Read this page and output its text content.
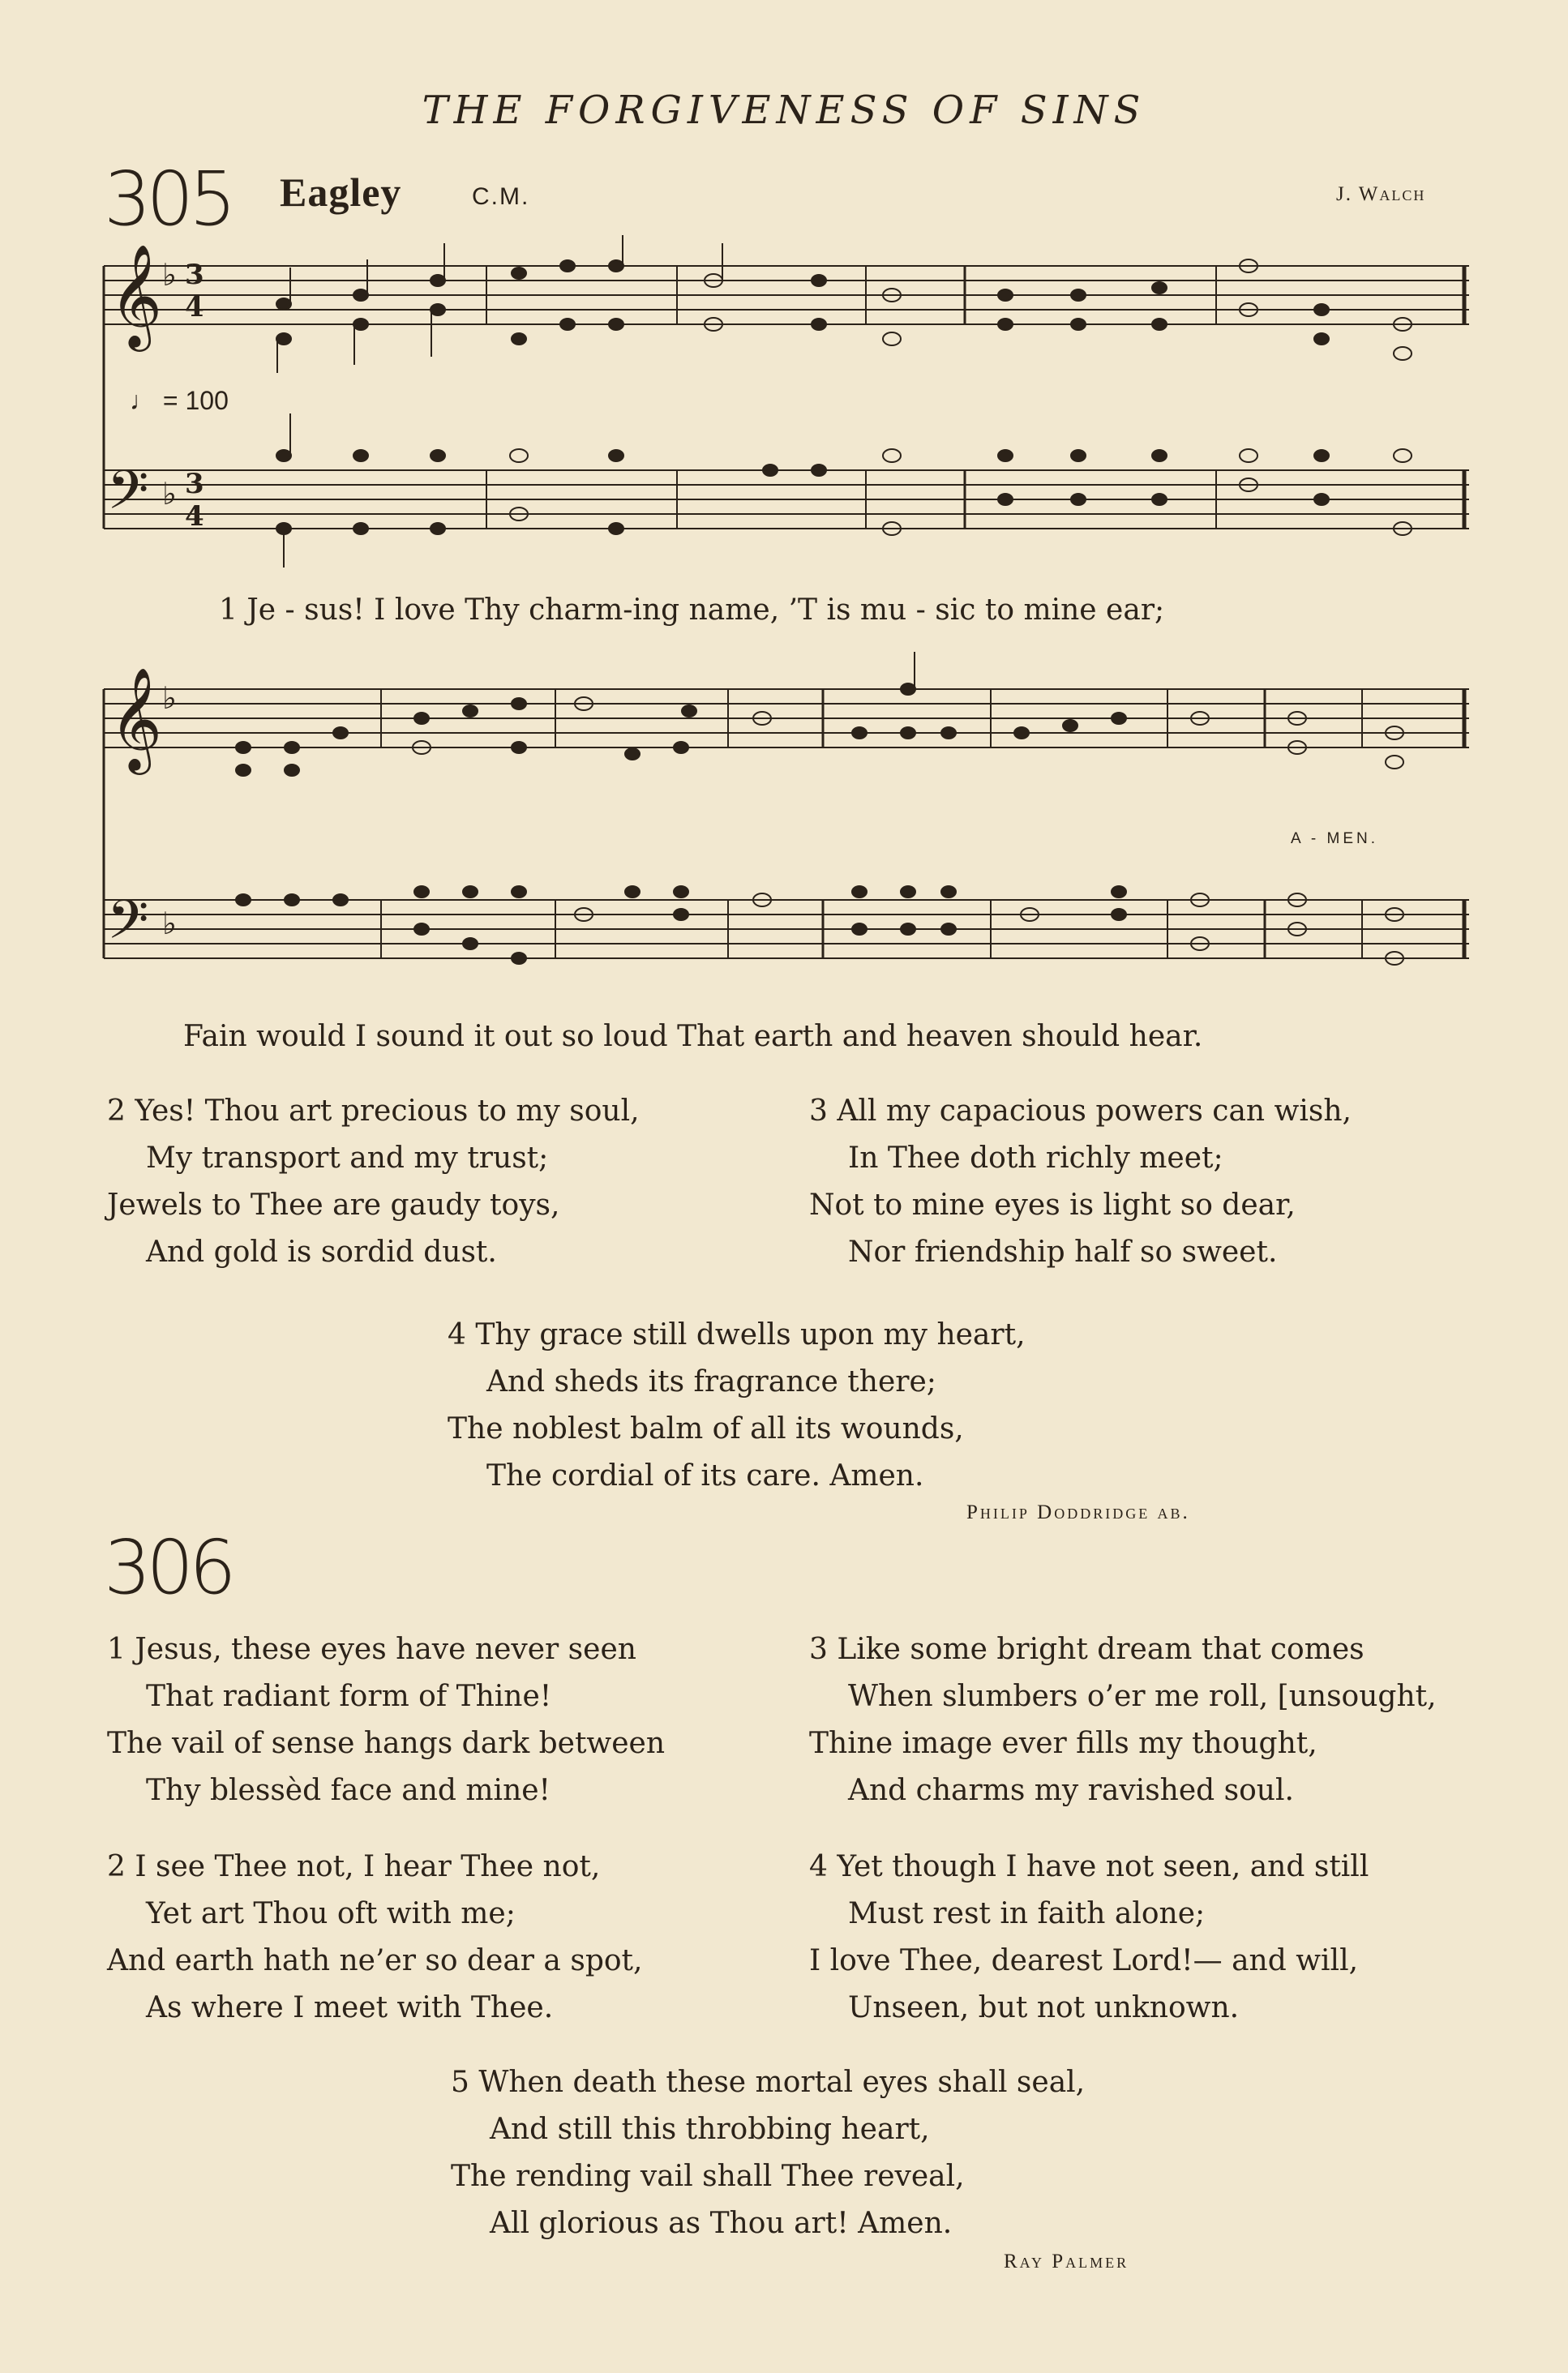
THE FORGIVENESS OF SINS
305 Eagley	C.M.	J. Walch
𝄞
𝄢
♭ 3
4
♭ 3
4
♩ = 100
1 Je - sus! I love Thy charm-ing name, ’T is mu - sic to mine ear;
𝄞
𝄢
♭
♭
A - MEN.
Fain would I sound it out so loud That earth and heaven should hear.
2 Yes! Thou art precious to my soul,
My transport and my trust;
Jewels to Thee are gaudy toys,
And gold is sordid dust.
3 All my capacious powers can wish,
In Thee doth richly meet;
Not to mine eyes is light so dear,
Nor friendship half so sweet.
4 Thy grace still dwells upon my heart,
And sheds its fragrance there;
The noblest balm of all its wounds,
The cordial of its care. Amen.
Philip Doddridge ab.
306
1 Jesus, these eyes have never seen
That radiant form of Thine!
The vail of sense hangs dark between
Thy blessèd face and mine!
2 I see Thee not, I hear Thee not,
Yet art Thou oft with me;
And earth hath ne’er so dear a spot,
As where I meet with Thee.
3 Like some bright dream that comes
When slumbers o’er me roll, [unsought,
Thine image ever fills my thought,
And charms my ravished soul.
4 Yet though I have not seen, and still
Must rest in faith alone;
I love Thee, dearest Lord!— and will,
Unseen, but not unknown.
5 When death these mortal eyes shall seal,
And still this throbbing heart,
The rending vail shall Thee reveal,
All glorious as Thou art! Amen.
Ray Palmer
